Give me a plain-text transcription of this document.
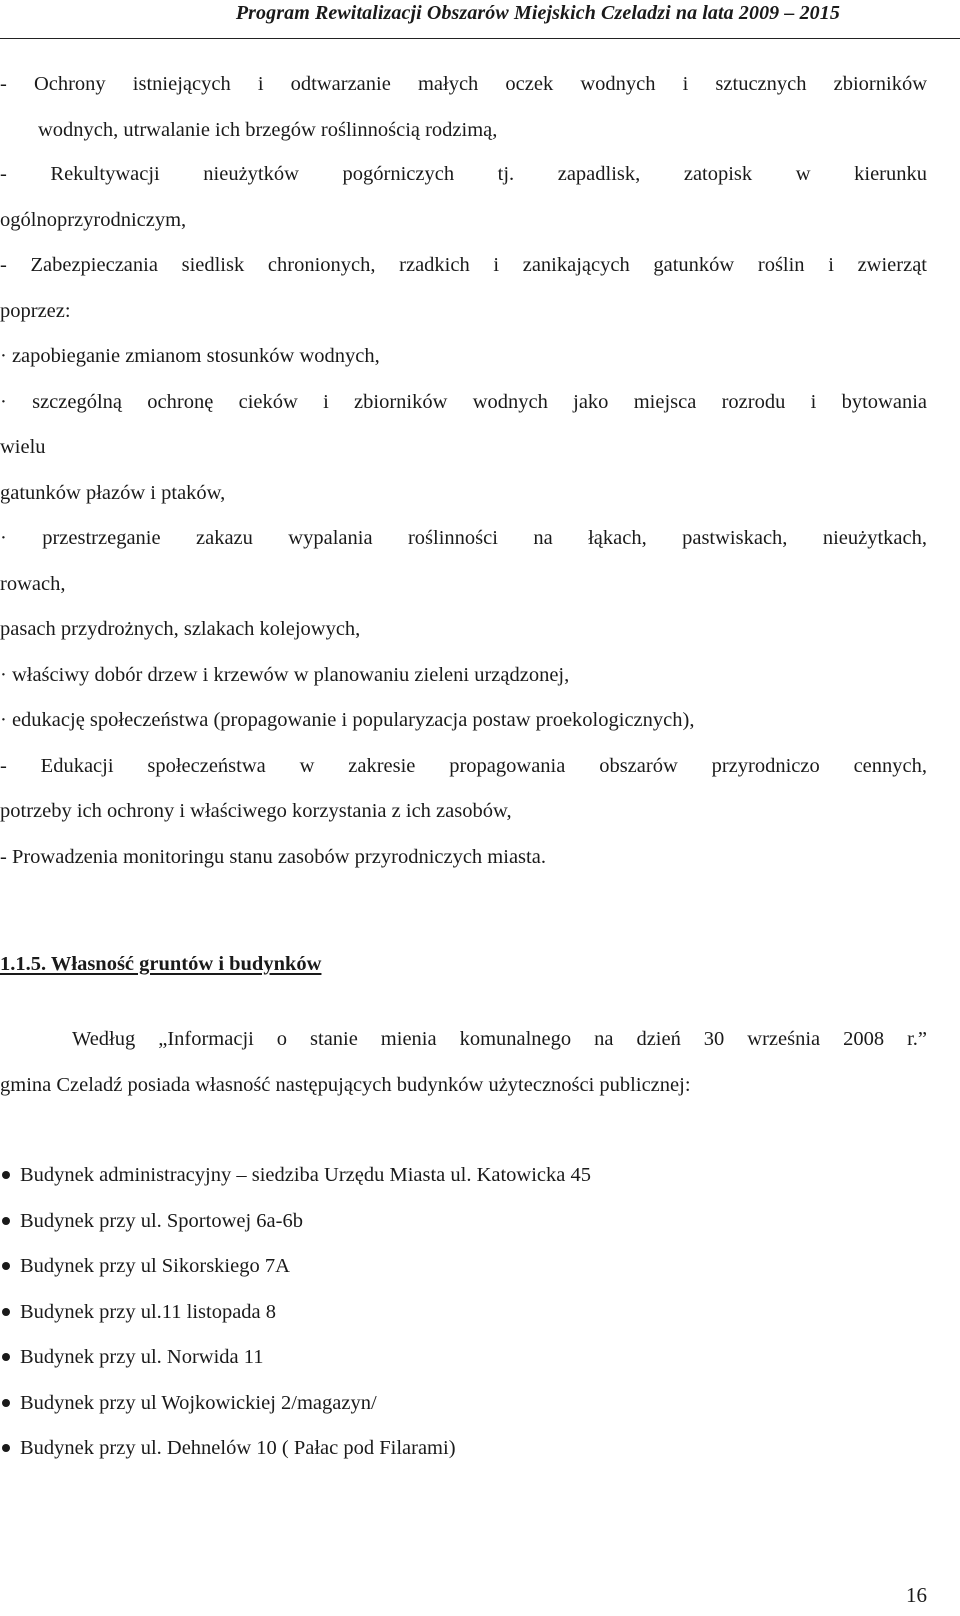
Program Rewitalizacji Obszarów Miejskich Czeladzi na lata 2009 – 2015
- Ochrony istniejących i odtwarzanie małych oczek wodnych i sztucznych zbiorników
wodnych, utrwalanie ich brzegów roślinnością rodzimą,
- Rekultywacji nieużytków pogórniczych tj. zapadlisk, zatopisk w kierunku
ogólnoprzyrodniczym,
- Zabezpieczania siedlisk chronionych, rzadkich i zanikających gatunków roślin i zwierząt
poprzez:
· zapobieganie zmianom stosunków wodnych,
· szczególną ochronę cieków i zbiorników wodnych jako miejsca rozrodu i bytowania
wielu
gatunków płazów i ptaków,
· przestrzeganie zakazu wypalania roślinności na łąkach, pastwiskach, nieużytkach,
rowach,
pasach przydrożnych, szlakach kolejowych,
· właściwy dobór drzew i krzewów w planowaniu zieleni urządzonej,
· edukację społeczeństwa (propagowanie i popularyzacja postaw proekologicznych),
- Edukacji społeczeństwa w zakresie propagowania obszarów przyrodniczo cennych,
potrzeby ich ochrony i właściwego korzystania z ich zasobów,
- Prowadzenia monitoringu stanu zasobów przyrodniczych miasta.
1.1.5. Własność gruntów i budynków
Według „Informacji o stanie mienia komunalnego na dzień 30 września 2008 r.”
gmina Czeladź posiada własność następujących budynków użyteczności publicznej:
Budynek administracyjny – siedziba Urzędu Miasta ul. Katowicka 45
Budynek przy ul. Sportowej 6a-6b
Budynek przy ul Sikorskiego 7A
Budynek przy ul.11 listopada 8
Budynek przy ul. Norwida 11
Budynek przy ul Wojkowickiej 2/magazyn/
Budynek przy ul. Dehnelów 10 ( Pałac pod Filarami)
16
